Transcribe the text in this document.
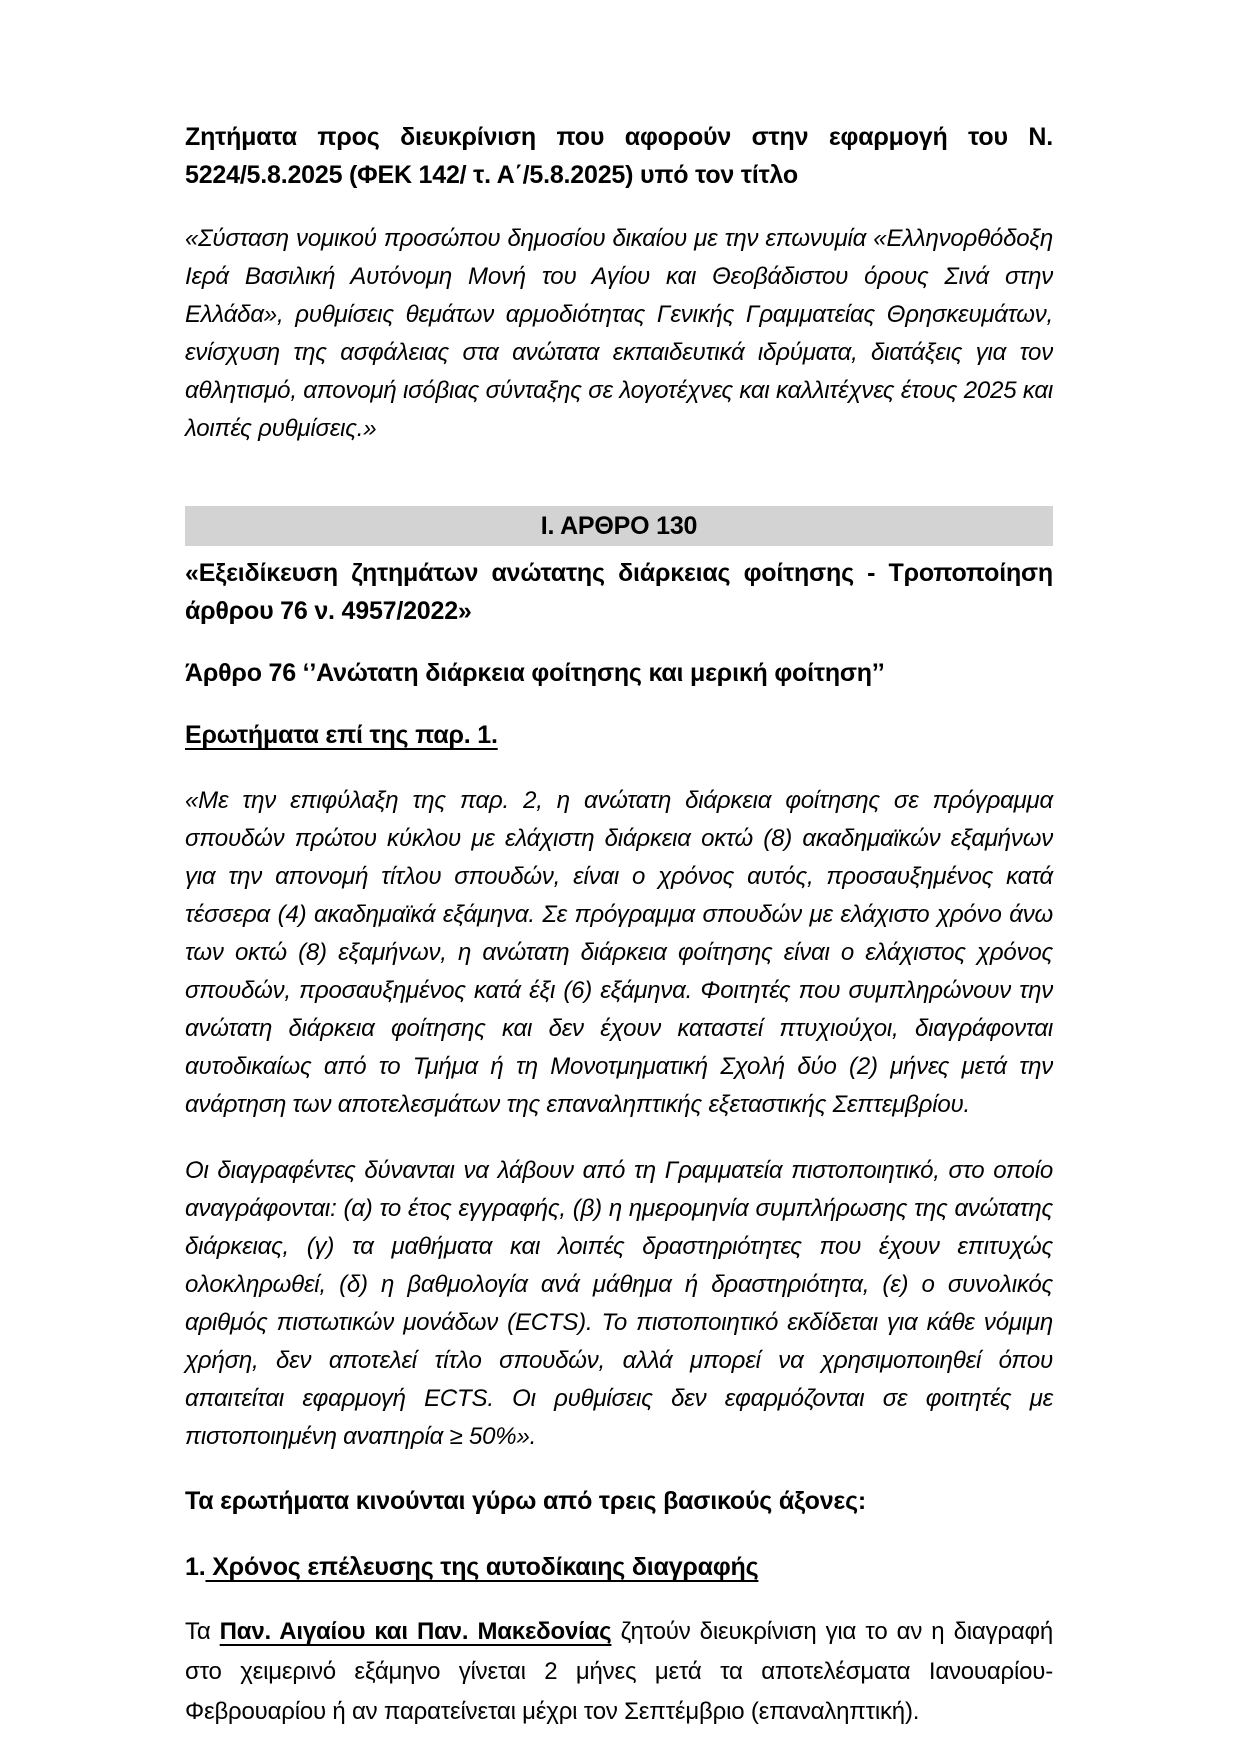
Ζητήματα προς διευκρίνιση που αφορούν στην εφαρμογή του Ν. 5224/5.8.2025 (ΦΕΚ 142/ τ. Α΄/5.8.2025) υπό τον τίτλο

«Σύσταση νομικού προσώπου δημοσίου δικαίου με την επωνυμία «Ελληνορθόδοξη Ιερά Βασιλική Αυτόνομη Μονή του Αγίου και Θεοβάδιστου όρους Σινά στην Ελλάδα», ρυθμίσεις θεμάτων αρμοδιότητας Γενικής Γραμματείας Θρησκευμάτων, ενίσχυση της ασφάλειας στα ανώτατα εκπαιδευτικά ιδρύματα, διατάξεις για τον αθλητισμό, απονομή ισόβιας σύνταξης σε λογοτέχνες και καλλιτέχνες έτους 2025 και λοιπές ρυθμίσεις.»

Ι. ΑΡΘΡΟ 130
«Εξειδίκευση ζητημάτων ανώτατης διάρκειας φοίτησης - Τροποποίηση άρθρου 76 ν. 4957/2022»
Άρθρο 76 ‘’Ανώτατη διάρκεια φοίτησης και μερική φοίτηση’’
Ερωτήματα επί της παρ. 1.

«Με την επιφύλαξη της παρ. 2, η ανώτατη διάρκεια φοίτησης σε πρόγραμμα σπουδών πρώτου κύκλου με ελάχιστη διάρκεια οκτώ (8) ακαδημαϊκών εξαμήνων για την απονομή τίτλου σπουδών, είναι ο χρόνος αυτός, προσαυξημένος κατά τέσσερα (4) ακαδημαϊκά εξάμηνα. Σε πρόγραμμα σπουδών με ελάχιστο χρόνο άνω των οκτώ (8) εξαμήνων, η ανώτατη διάρκεια φοίτησης είναι ο ελάχιστος χρόνος σπουδών, προσαυξημένος κατά έξι (6) εξάμηνα. Φοιτητές που συμπληρώνουν την ανώτατη διάρκεια φοίτησης και δεν έχουν καταστεί πτυχιούχοι, διαγράφονται αυτοδικαίως από το Τμήμα ή τη Μονοτμηματική Σχολή δύο (2) μήνες μετά την ανάρτηση των αποτελεσμάτων της επαναληπτικής εξεταστικής Σεπτεμβρίου.

Οι διαγραφέντες δύνανται να λάβουν από τη Γραμματεία πιστοποιητικό, στο οποίο αναγράφονται: (α) το έτος εγγραφής, (β) η ημερομηνία συμπλήρωσης της ανώτατης διάρκειας, (γ) τα μαθήματα και λοιπές δραστηριότητες που έχουν επιτυχώς ολοκληρωθεί, (δ) η βαθμολογία ανά μάθημα ή δραστηριότητα, (ε) ο συνολικός αριθμός πιστωτικών μονάδων (ECTS). Το πιστοποιητικό εκδίδεται για κάθε νόμιμη χρήση, δεν αποτελεί τίτλο σπουδών, αλλά μπορεί να χρησιμοποιηθεί όπου απαιτείται εφαρμογή ECTS. Οι ρυθμίσεις δεν εφαρμόζονται σε φοιτητές με πιστοποιημένη αναπηρία ≥ 50%».

Τα ερωτήματα κινούνται γύρω από τρεις βασικούς άξονες:
1. Χρόνος επέλευσης της αυτοδίκαιης διαγραφής

Τα Παν. Αιγαίου και Παν. Μακεδονίας ζητούν διευκρίνιση για το αν η διαγραφή στο χειμερινό εξάμηνο γίνεται 2 μήνες μετά τα αποτελέσματα Ιανουαρίου-Φεβρουαρίου ή αν παρατείνεται μέχρι τον Σεπτέμβριο (επαναληπτική).
